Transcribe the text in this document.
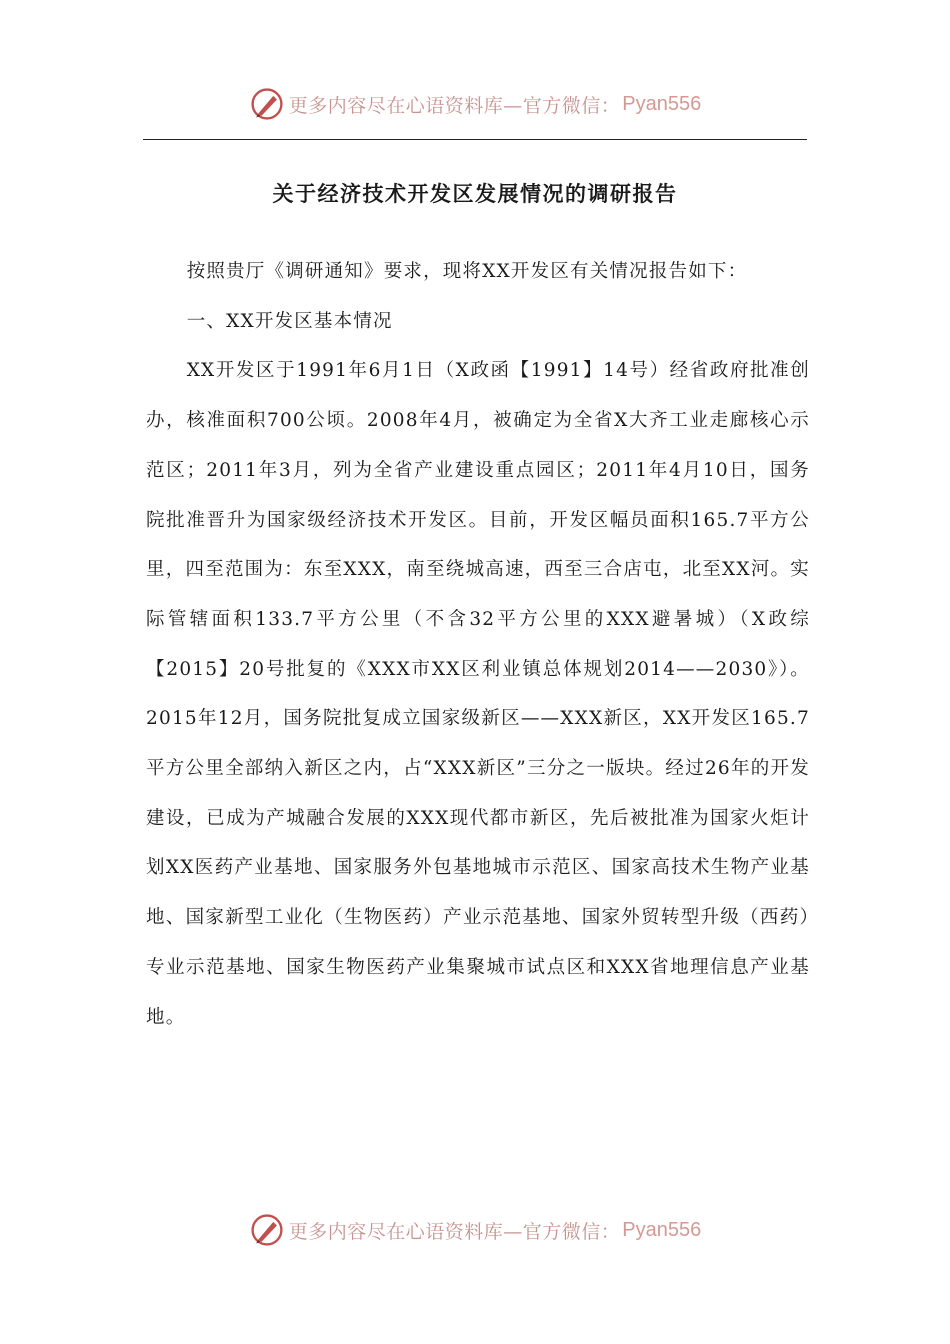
更多内容尽在心语资料库—官方微信： Pyan556
关于经济技术开发区发展情况的调研报告

按照贵厅《调研通知》要求，现将XX开发区有关情况报告如下：

一、XX开发区基本情况

XX开发区于1991年6月1日（X政函【1991】14号）经省政府批准创办，核准面积700公顷。2008年4月，被确定为全省X大齐工业走廊核心示范区；2011年3月，列为全省产业建设重点园区；2011年4月10日，国务院批准晋升为国家级经济技术开发区。目前，开发区幅员面积165.7平方公里，四至范围为：东至XXX，南至绕城高速，西至三合店屯，北至XX河。实际管辖面积133.7平方公里（不含32平方公里的XXX避暑城）（X政综【2015】20号批复的《XXX市XX区利业镇总体规划2014——2030》）。2015年12月，国务院批复成立国家级新区——XXX新区，XX开发区165.7平方公里全部纳入新区之内，占“XXX新区”三分之一版块。经过26年的开发建设，已成为产城融合发展的XXX现代都市新区，先后被批准为国家火炬计划XX医药产业基地、国家服务外包基地城市示范区、国家高技术生物产业基地、国家新型工业化（生物医药）产业示范基地、国家外贸转型升级（西药）专业示范基地、国家生物医药产业集聚城市试点区和XXX省地理信息产业基地。

更多内容尽在心语资料库—官方微信： Pyan556
